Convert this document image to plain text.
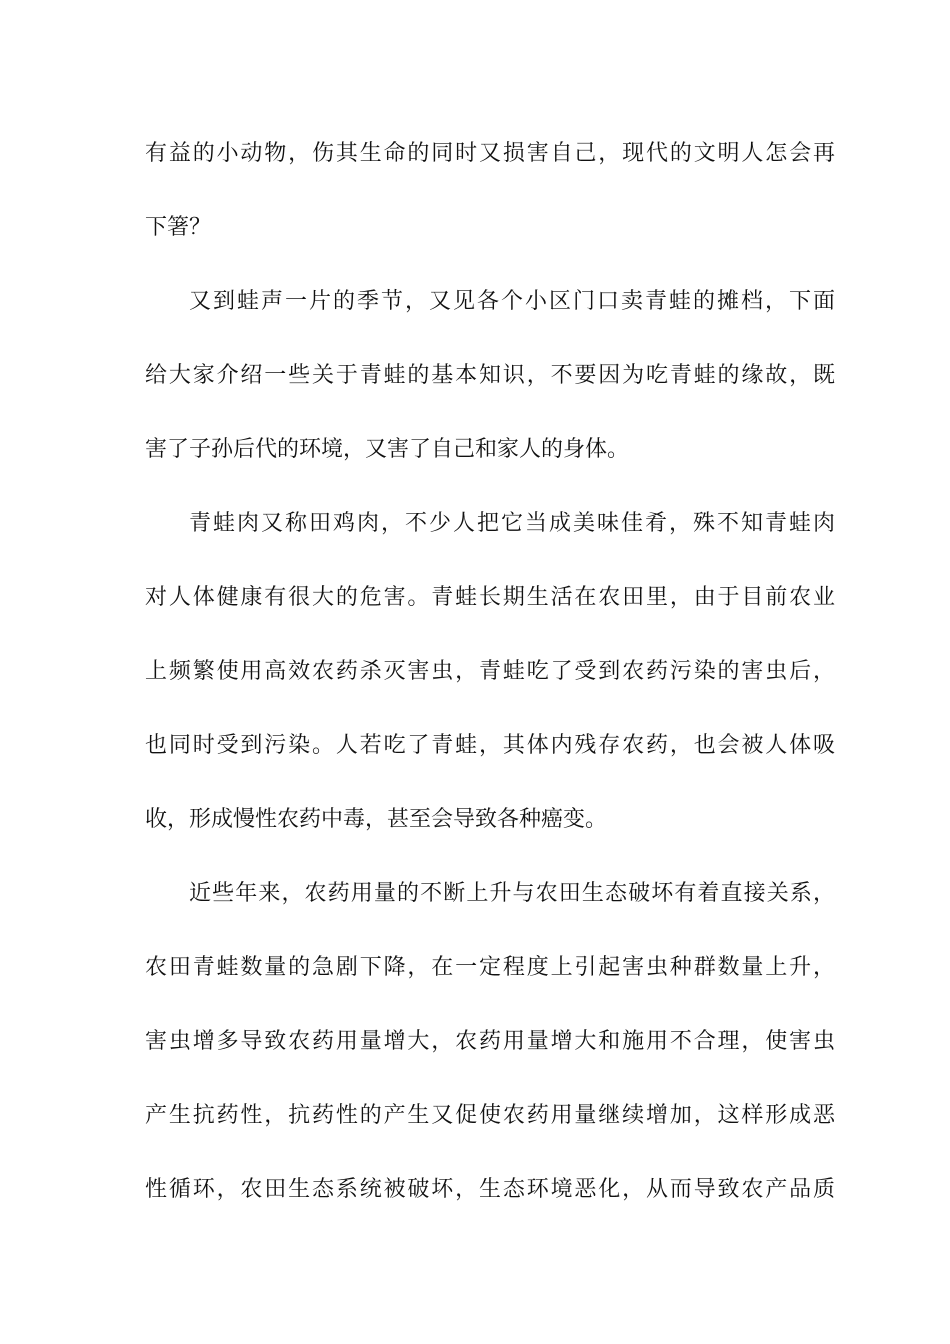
有益的小动物，伤其生命的同时又损害自己，现代的文明人怎会再
下箸？
又到蛙声一片的季节，又见各个小区门口卖青蛙的摊档，下面
给大家介绍一些关于青蛙的基本知识，不要因为吃青蛙的缘故，既
害了子孙后代的环境，又害了自己和家人的身体。
青蛙肉又称田鸡肉，不少人把它当成美味佳肴，殊不知青蛙肉
对人体健康有很大的危害。青蛙长期生活在农田里，由于目前农业
上频繁使用高效农药杀灭害虫，青蛙吃了受到农药污染的害虫后，
也同时受到污染。人若吃了青蛙，其体内残存农药，也会被人体吸
收，形成慢性农药中毒，甚至会导致各种癌变。
近些年来，农药用量的不断上升与农田生态破坏有着直接关系，
农田青蛙数量的急剧下降，在一定程度上引起害虫种群数量上升，
害虫增多导致农药用量增大，农药用量增大和施用不合理，使害虫
产生抗药性，抗药性的产生又促使农药用量继续增加，这样形成恶
性循环，农田生态系统被破坏，生态环境恶化，从而导致农产品质
